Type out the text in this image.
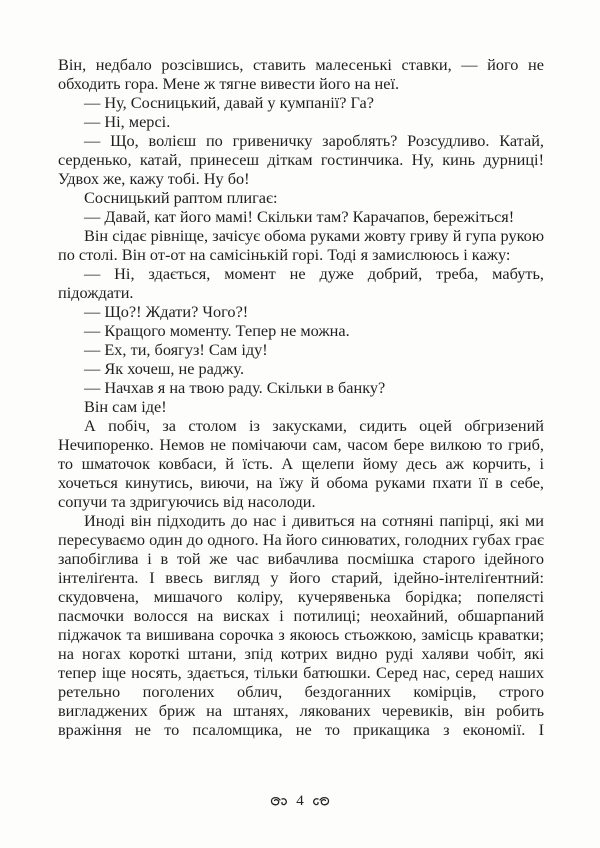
Він, недбало розсівшись, ставить малесенькі ставки, — його не обходить гора. Мене ж тягне вивести його на неї.

— Ну, Сосницький, давай у кумпанії? Га?

— Ні, мерсі.

— Що, волієш по гривеничку зароблять? Розсудливо. Катай, серденько, катай, принесеш діткам гостинчика. Ну, кинь дурниці! Удвох же, кажу тобі. Ну бо!

Сосницький раптом плигає:

— Давай, кат його мамі! Скільки там? Карачапов, бережіться!

Він сідає рівніще, зачісує обома руками жовту гриву й гупа рукою по столі. Він от-от на самісінькій горі. Тоді я замислююсь і кажу:

— Ні, здається, момент не дуже добрий, треба, мабуть, підождати.

— Що?! Ждати? Чого?!

— Кращого моменту. Тепер не можна.

— Ех, ти, боягуз! Сам іду!

— Як хочеш, не раджу.

— Начхав я на твою раду. Скільки в банку?

Він сам іде!

А побіч, за столом із закусками, сидить оцей обгризений Нечипоренко. Немов не помічаючи сам, часом бере вилкою то гриб, то шматочок ковбаси, й їсть. А щелепи йому десь аж корчить, і хочеться кинутись, виючи, на їжу й обома руками пхати її в себе, сопучи та здригуючись від насолоди.

Иноді він підходить до нас і дивиться на сотняні папірці, які ми пересуваємо один до одного. На його синюватих, голодних губах грає запобіглива і в той же час вибачлива посмішка старого ідейного інтеліґента. І ввесь вигляд у його старий, ідейно-інтеліґентний: скудовчена, мишачого коліру, кучерявенька борідка; попелясті пасмочки волосся на висках і потилиці; неохайний, обшарпаний піджачок та вишивана сорочка з якоюсь стьожкою, замісць краватки; на ногах короткі штани, зпід котрих видно руді халяви чобіт, які тепер іще носять, здається, тільки батюшки. Серед нас, серед наших ретельно поголених облич, бездоганних комірців, строго вигладжених бриж на штанях, лякованих черевиків, він робить вражіння не то псаломщика, не то прикащика з економії. І

4
